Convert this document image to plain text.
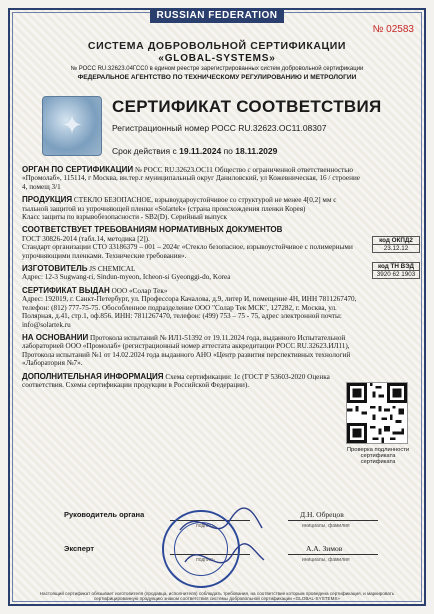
RUSSIAN FEDERATION
№ 02583
СИСТЕМА ДОБРОВОЛЬНОЙ СЕРТИФИКАЦИИ
«GLOBAL-SYSTEMS»
№ РОСС RU.32623.04ГСС0 в едином реестре зарегистрированных систем добровольной сертификации
ФЕДЕРАЛЬНОЕ АГЕНТСТВО ПО ТЕХНИЧЕСКОМУ РЕГУЛИРОВАНИЮ И МЕТРОЛОГИИ
✦
СЕРТИФИКАТ СООТВЕТСТВИЯ
Регистрационный номер РОСС RU.32623.ОС11.08307
Срок действия с 19.11.2024 по 18.11.2029

ОРГАН ПО СЕРТИФИКАЦИИ № РОСС RU.32623.ОС11 Общество с ограниченной ответственностью «Промолаб», 115114, г Москва, вн.тер.г муниципальный округ Даниловский, ул Кожевническая, 16 / строение 4, помещ 3/1

ПРОДУКЦИЯ СТЕКЛО БЕЗОПАСНОЕ, взрывоудароустойчивое со структурой не менее 4[0,2] мм с тыльной защитой из упрочняющей пленки «Solartek» (страна происхождения пленки Корея)
Класс защиты по взрывобезопасности - SB2(D). Серийный выпуск

СООТВЕТСТВУЕТ ТРЕБОВАНИЯМ НОРМАТИВНЫХ ДОКУМЕНТОВ
ГОСТ 30826-2014 (табл.14, методика [2]).
Стандарт организации СТО 33186379 – 001 – 2024г «Стекло безопасное, взрывоустойчивое с полимерными упрочняющими пленками. Технические требования».

ИЗГОТОВИТЕЛЬ JS CHEMICAL
Адрес: 12-3 Sugwang-ri, Sindun-myeon, Icheon-si Gyeonggi-do, Korea

СЕРТИФИКАТ ВЫДАН ООО «Солар Тек»
Адрес: 192019, г. Санкт-Петербург, ул. Профессора Качалова, д.9, литер И, помещение 4Н, ИНН 7811267470, телефон: (812) 777-75-75. Обособленное подразделение ООО "Солар Тек МСК", 127282, г. Москва, ул. Полярная, д.41, стр.1, оф.856. ИНН: 7811267470, телефон: (499) 753 – 75 - 75, адрес электронной почты: info@solartek.ru

НА ОСНОВАНИИ Протокола испытаний № ИЛ1-51392 от 19.11.2024 года, выданного Испытательной лабораторией ООО «Промолаб» (регистрационный номер аттестата аккредитации РОСС RU.32623.ИЛ11), Протокола испытаний №1 от 14.02.2024 года выданного АНО «Центр развития перспективных технологий «Лаборатория №7».

ДОПОЛНИТЕЛЬНАЯ ИНФОРМАЦИЯ Схема сертификации: 1с (ГОСТ Р 53603-2020 Оценка соответствия. Схемы сертификации продукции в Российской Федерации).

код ОКПД2
23.12.12
код ТН ВЭД
3920 62 1903
Проверка подлинности сертификата сертификата
Руководитель органа
подпись
Д.Н. Обрецов
инициалы, фамилия
Эксперт
подпись
А.А. Зимов
инициалы, фамилия
Настоящий сертификат обязывает изготовителя (продавца, исполнителя) соблюдать требования, на соответствие которым проведена сертификация, и маркировать сертифицированную продукцию знаком соответствия системы добровольной сертификации «GLOBAL-SYSTEMS»
